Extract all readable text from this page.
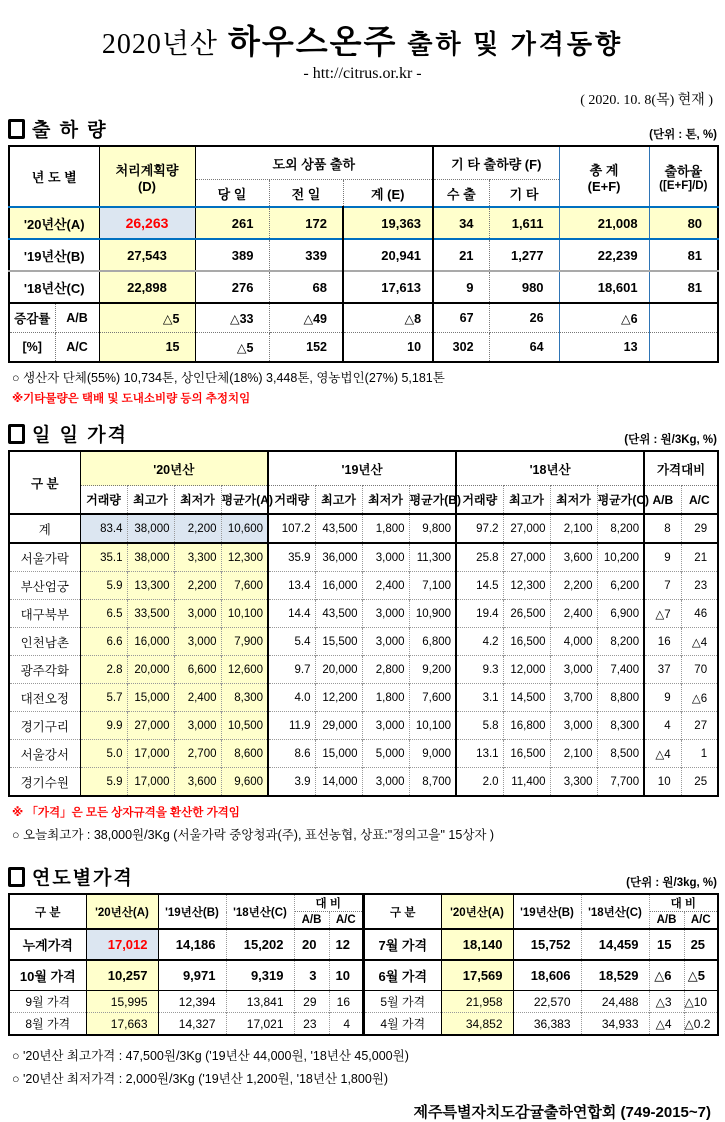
2020년산 하우스온주 출하 및 가격동향
- htt://citrus.or.kr -
( 2020. 10. 8(목) 현재 )
출 하 량	(단위 : 톤, %)
년 도 별	처리계획량
(D)
	도외 상품 출하	기 타 출하량 (F)	총 계
(E+F)

출하율
([E+F]/D)

			당 일	전 일	계 (E)	수 출	기 타		
'20년산(A)		26,263	261	172	19,363	34	1,611	21,008	80
'19년산(B)		27,543	389	339	20,941	21	1,277	22,239	81
'18년산(C)		22,898	276	68	17,613	9	980	18,601	81
증감률	A/B	△5	△33	△49	△8	67	26	△6	
[%]	A/C	15	△5	152	10	302	64	13	
○ 생산자 단체(55%) 10,734톤, 상인단체(18%) 3,448톤, 영농법인(27%) 5,181톤
※기타물량은 택배 및 도내소비량 등의 추정치임
일 일 가격	(단위 : 원/3Kg, %)
구 분	'20년산				'19년산				'18년산				가격대비	
	거래량	최고가	최저가	평균가(A)	거래량	최고가	최저가	평균가(B)	거래량	최고가	최저가	평균가(C)	A/B	A/C
계	83.4	38,000	2,200	10,600	107.2	43,500	1,800	9,800	97.2	27,000	2,100	8,200	8	29
서울가락	35.1	38,000	3,300	12,300	35.9	36,000	3,000	11,300	25.8	27,000	3,600	10,200	9	21
부산엄궁	5.9	13,300	2,200	7,600	13.4	16,000	2,400	7,100	14.5	12,300	2,200	6,200	7	23
대구북부	6.5	33,500	3,000	10,100	14.4	43,500	3,000	10,900	19.4	26,500	2,400	6,900	△7	46
인천남촌	6.6	16,000	3,000	7,900	5.4	15,500	3,000	6,800	4.2	16,500	4,000	8,200	16	△4
광주각화	2.8	20,000	6,600	12,600	9.7	20,000	2,800	9,200	9.3	12,000	3,000	7,400	37	70
대전오정	5.7	15,000	2,400	8,300	4.0	12,200	1,800	7,600	3.1	14,500	3,700	8,800	9	△6
경기구리	9.9	27,000	3,000	10,500	11.9	29,000	3,000	10,100	5.8	16,800	3,000	8,300	4	27
서울강서	5.0	17,000	2,700	8,600	8.6	15,000	5,000	9,000	13.1	16,500	2,100	8,500	△4	1
경기수원	5.9	17,000	3,600	9,600	3.9	14,000	3,000	8,700	2.0	11,400	3,300	7,700	10	25
※ 「가격」은 모든 상자규격을 환산한 가격임
○ 오늘최고가 : 38,000원/3Kg (서울가락 중앙청과(주), 표선농협, 상표:"정의고을" 15상자 )
연도별가격	(단위 : 원/3kg, %)
구 분	'20년산(A)	'19년산(B)	'18년산(C)	대 비	
				A/B	A/C
누계가격	17,012	14,186	15,202	20	12
10월 가격	10,257	9,971	9,319	3	10
9월 가격	15,995	12,394	13,841	29	16
8월 가격	17,663	14,327	17,021	23	4
구 분	'20년산(A)	'19년산(B)	'18년산(C)	대 비	
				A/B	A/C
7월 가격	18,140	15,752	14,459	15	25
6월 가격	17,569	18,606	18,529	△6	△5
5월 가격	21,958	22,570	24,488	△3	△10
4월 가격	34,852	36,383	34,933	△4	△0.2
○ '20년산 최고가격 : 47,500원/3Kg ('19년산 44,000원, '18년산 45,000원)
○ '20년산 최저가격 : 2,000원/3Kg ('19년산 1,200원, '18년산 1,800원)
제주특별자치도감귤출하연합회 (749-2015~7)
